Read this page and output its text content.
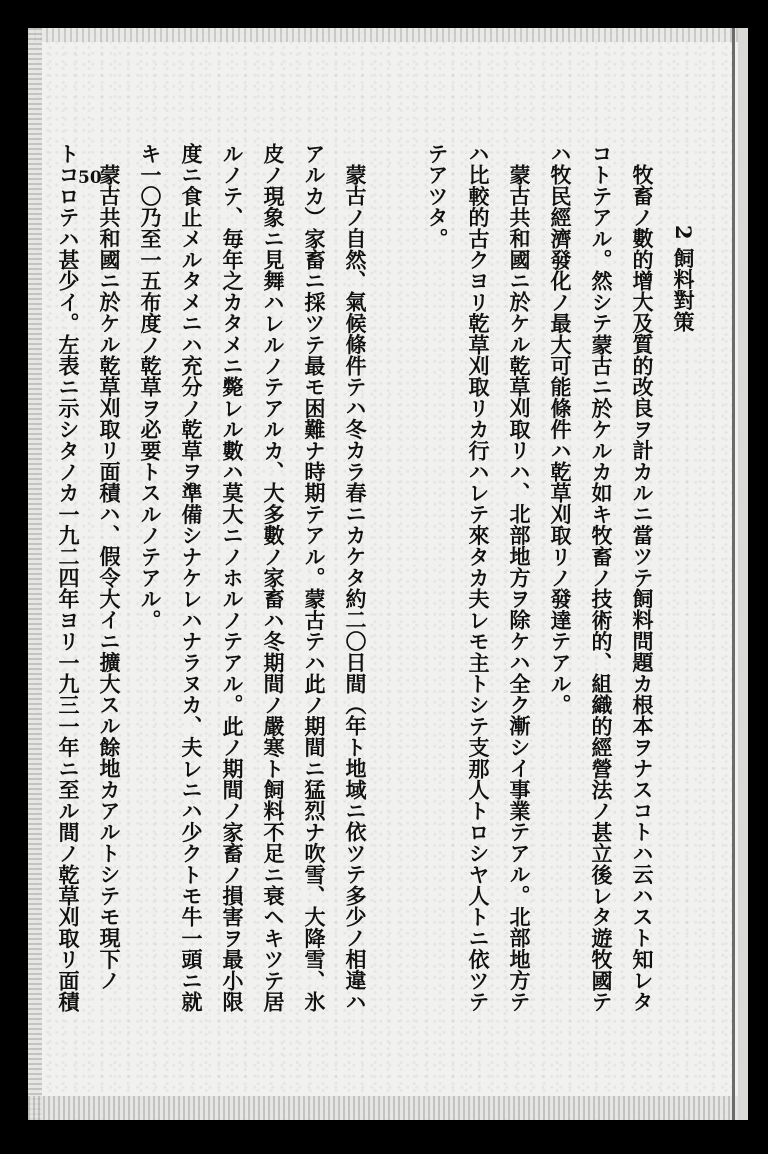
50

2 飼料對策

牧畜ノ數的增大及質的改良ヲ計カルニ當ツテ飼料問題カ根本ヲナスコトハ云ハスト知レタ

コトテアル。然シテ蒙古ニ於ケルカ如キ牧畜ノ技術的、組織的經營法ノ甚立後レタ遊牧國テ

ハ牧民經濟發化ノ最大可能條件ハ乾草刈取リノ發達テアル。

蒙古共和國ニ於ケル乾草刈取リハ、北部地方ヲ除ケハ全ク漸シイ事業テアル。北部地方テ

ハ比較的古クヨリ乾草刈取リカ行ハレテ來タカ夫レモ主トシテ支那人トロシヤ人トニ依ツテ

テアツタ。

蒙古ノ自然、氣候條件テハ冬カラ春ニカケタ約二〇日間（年ト地域ニ依ツテ多少ノ相違ハ

アルカ）家畜ニ採ツテ最モ困難ナ時期テアル。蒙古テハ此ノ期間ニ猛烈ナ吹雪、大降雪、氷

皮ノ現象ニ見舞ハレルノテアルカ、大多數ノ家畜ハ冬期間ノ嚴寒ト飼料不足ニ衰ヘキツテ居

ルノテ、毎年之カタメニ斃レル數ハ莫大ニノホルノテアル。此ノ期間ノ家畜ノ損害ヲ最小限

度ニ食止メルタメニハ充分ノ乾草ヲ準備シナケレハナラヌカ、夫レニハ少クトモ牛一頭ニ就

キ一〇乃至一五布度ノ乾草ヲ必要トスルノテアル。

蒙古共和國ニ於ケル乾草刈取リ面積ハ、假令大イニ擴大スル餘地カアルトシテモ現下ノ

トコロテハ甚少イ。左表ニ示シタノカ一九二四年ヨリ一九三一年ニ至ル間ノ乾草刈取リ面積
